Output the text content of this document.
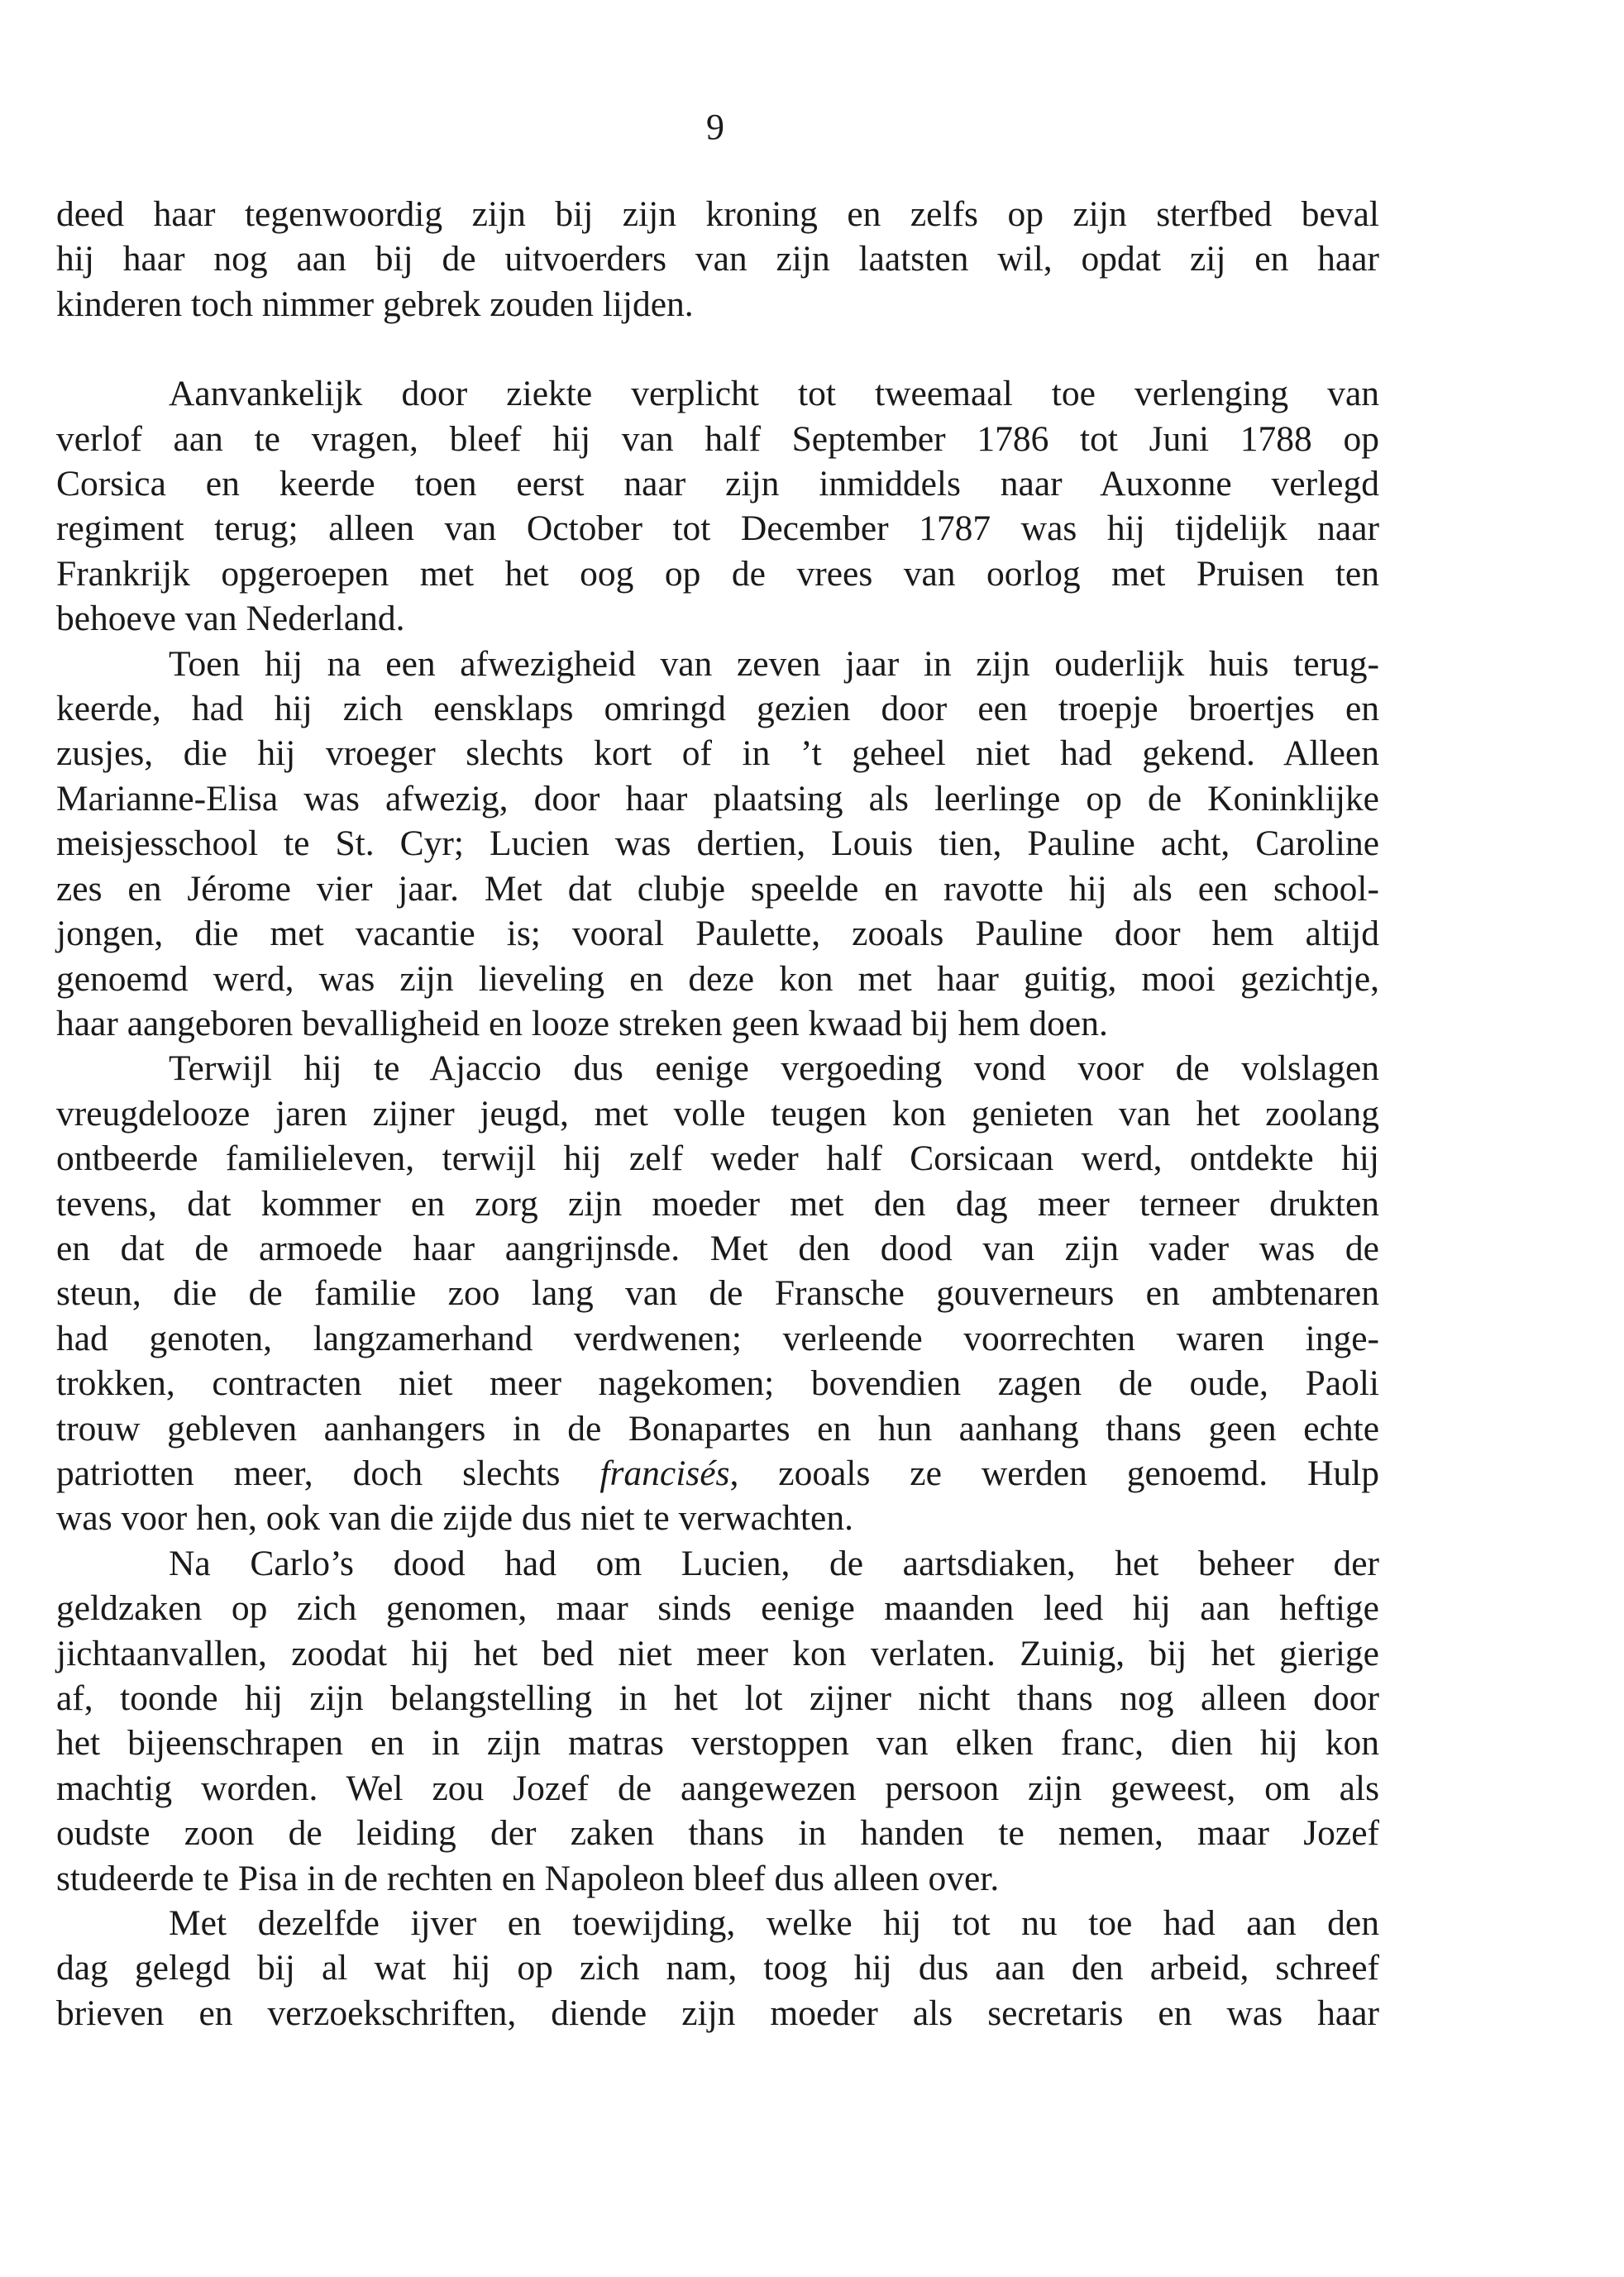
9
deed haar tegenwoordig zijn bij zijn kroning en zelfs op zijn sterfbed beval
hij haar nog aan bij de uitvoerders van zijn laatsten wil, opdat zij en haar
kinderen toch nimmer gebrek zouden lijden.
Aanvankelijk door ziekte verplicht tot tweemaal toe verlenging van
verlof aan te vragen, bleef hij van half September 1786 tot Juni 1788 op
Corsica en keerde toen eerst naar zijn inmiddels naar Auxonne verlegd
regiment terug; alleen van October tot December 1787 was hij tijdelijk naar
Frankrijk opgeroepen met het oog op de vrees van oorlog met Pruisen ten
behoeve van Nederland.
Toen hij na een afwezigheid van zeven jaar in zijn ouderlijk huis terug-
keerde, had hij zich eensklaps omringd gezien door een troepje broertjes en
zusjes, die hij vroeger slechts kort of in ’t geheel niet had gekend. Alleen
Marianne-Elisa was afwezig, door haar plaatsing als leerlinge op de Koninklijke
meisjesschool te St. Cyr; Lucien was dertien, Louis tien, Pauline acht, Caroline
zes en Jérome vier jaar. Met dat clubje speelde en ravotte hij als een school-
jongen, die met vacantie is; vooral Paulette, zooals Pauline door hem altijd
genoemd werd, was zijn lieveling en deze kon met haar guitig, mooi gezichtje,
haar aangeboren bevalligheid en looze streken geen kwaad bij hem doen.
Terwijl hij te Ajaccio dus eenige vergoeding vond voor de volslagen
vreugdelooze jaren zijner jeugd, met volle teugen kon genieten van het zoolang
ontbeerde familieleven, terwijl hij zelf weder half Corsicaan werd, ontdekte hij
tevens, dat kommer en zorg zijn moeder met den dag meer terneer drukten
en dat de armoede haar aangrijnsde. Met den dood van zijn vader was de
steun, die de familie zoo lang van de Fransche gouverneurs en ambtenaren
had genoten, langzamerhand verdwenen; verleende voorrechten waren inge-
trokken, contracten niet meer nagekomen; bovendien zagen de oude, Paoli
trouw gebleven aanhangers in de Bonapartes en hun aanhang thans geen echte
patriotten meer, doch slechts francisés, zooals ze werden genoemd. Hulp
was voor hen, ook van die zijde dus niet te verwachten.
Na Carlo’s dood had om Lucien, de aartsdiaken, het beheer der
geldzaken op zich genomen, maar sinds eenige maanden leed hij aan heftige
jichtaanvallen, zoodat hij het bed niet meer kon verlaten. Zuinig, bij het gierige
af, toonde hij zijn belangstelling in het lot zijner nicht thans nog alleen door
het bijeenschrapen en in zijn matras verstoppen van elken franc, dien hij kon
machtig worden. Wel zou Jozef de aangewezen persoon zijn geweest, om als
oudste zoon de leiding der zaken thans in handen te nemen, maar Jozef
studeerde te Pisa in de rechten en Napoleon bleef dus alleen over.
Met dezelfde ijver en toewijding, welke hij tot nu toe had aan den
dag gelegd bij al wat hij op zich nam, toog hij dus aan den arbeid, schreef
brieven en verzoekschriften, diende zijn moeder als secretaris en was haar
